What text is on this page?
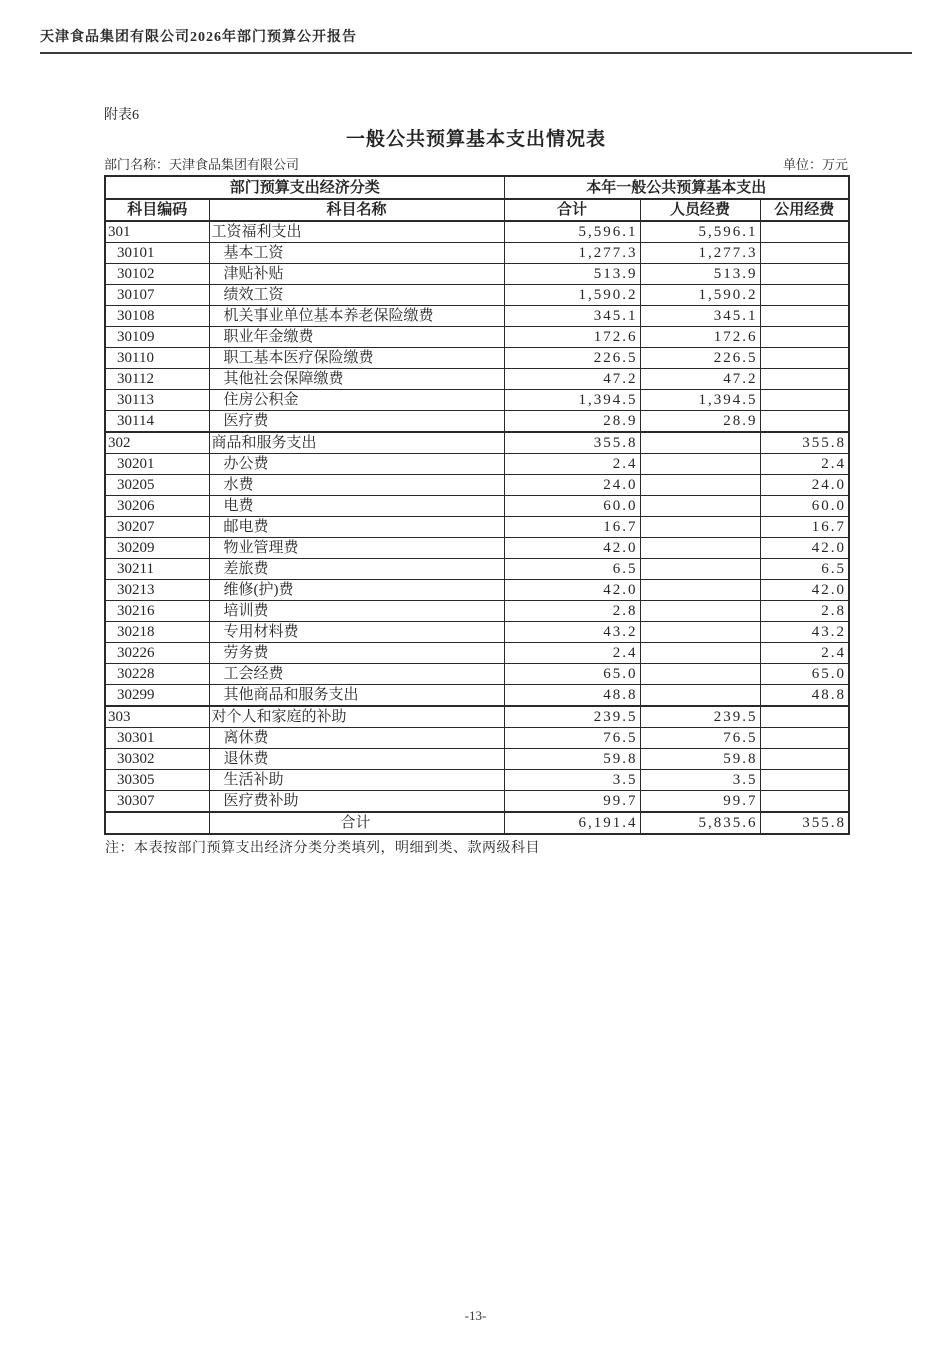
天津食品集团有限公司2026年部门预算公开报告
附表6
一般公共预算基本支出情况表
部门名称：天津食品集团有限公司	单位：万元
部门预算支出经济分类		本年一般公共预算基本支出		
科目编码	科目名称	合计	人员经费	公用经费
301	工资福利支出	5,596.1	5,596.1	
30101	基本工资	1,277.3	1,277.3	
30102	津贴补贴	513.9	513.9	
30107	绩效工资	1,590.2	1,590.2	
30108	机关事业单位基本养老保险缴费	345.1	345.1	
30109	职业年金缴费	172.6	172.6	
30110	职工基本医疗保险缴费	226.5	226.5	
30112	其他社会保障缴费	47.2	47.2	
30113	住房公积金	1,394.5	1,394.5	
30114	医疗费	28.9	28.9	
302	商品和服务支出	355.8		355.8
30201	办公费	2.4		2.4
30205	水费	24.0		24.0
30206	电费	60.0		60.0
30207	邮电费	16.7		16.7
30209	物业管理费	42.0		42.0
30211	差旅费	6.5		6.5
30213	维修(护)费	42.0		42.0
30216	培训费	2.8		2.8
30218	专用材料费	43.2		43.2
30226	劳务费	2.4		2.4
30228	工会经费	65.0		65.0
30299	其他商品和服务支出	48.8		48.8
303	对个人和家庭的补助	239.5	239.5	
30301	离休费	76.5	76.5	
30302	退休费	59.8	59.8	
30305	生活补助	3.5	3.5	
30307	医疗费补助	99.7	99.7	
	合计	6,191.4	5,835.6	355.8
注：本表按部门预算支出经济分类分类填列，明细到类、款两级科目
-13-
